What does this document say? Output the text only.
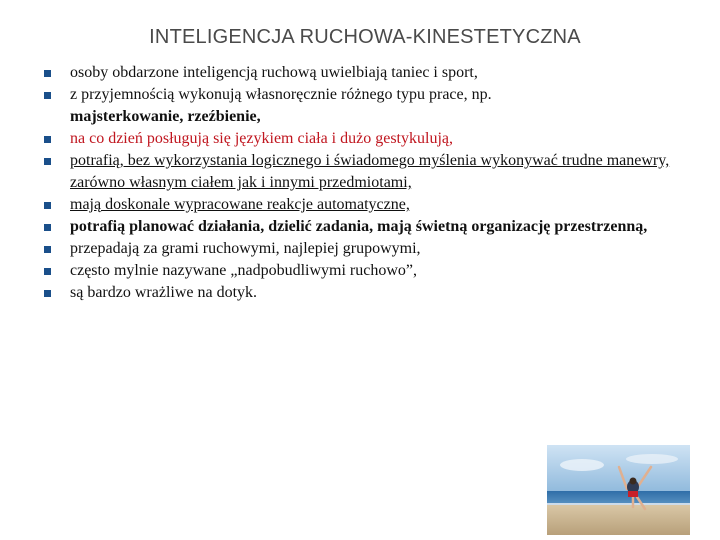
INTELIGENCJA RUCHOWA-KINESTETYCZNA
osoby obdarzone inteligencją ruchową uwielbiają taniec i sport,
z przyjemnością wykonują własnoręcznie różnego typu prace, np.
majsterkowanie, rzeźbienie,
na co dzień posługują się językiem ciała i dużo gestykulują,
potrafią, bez wykorzystania logicznego i świadomego myślenia wykonywać trudne manewry, zarówno własnym ciałem jak i innymi przedmiotami,
mają doskonale wypracowane reakcje automatyczne,
potrafią planować działania, dzielić zadania, mają świetną organizację przestrzenną,
przepadają za grami ruchowymi, najlepiej grupowymi,
często mylnie nazywane „nadpobudliwymi ruchowo”,
są bardzo wrażliwe na dotyk.
